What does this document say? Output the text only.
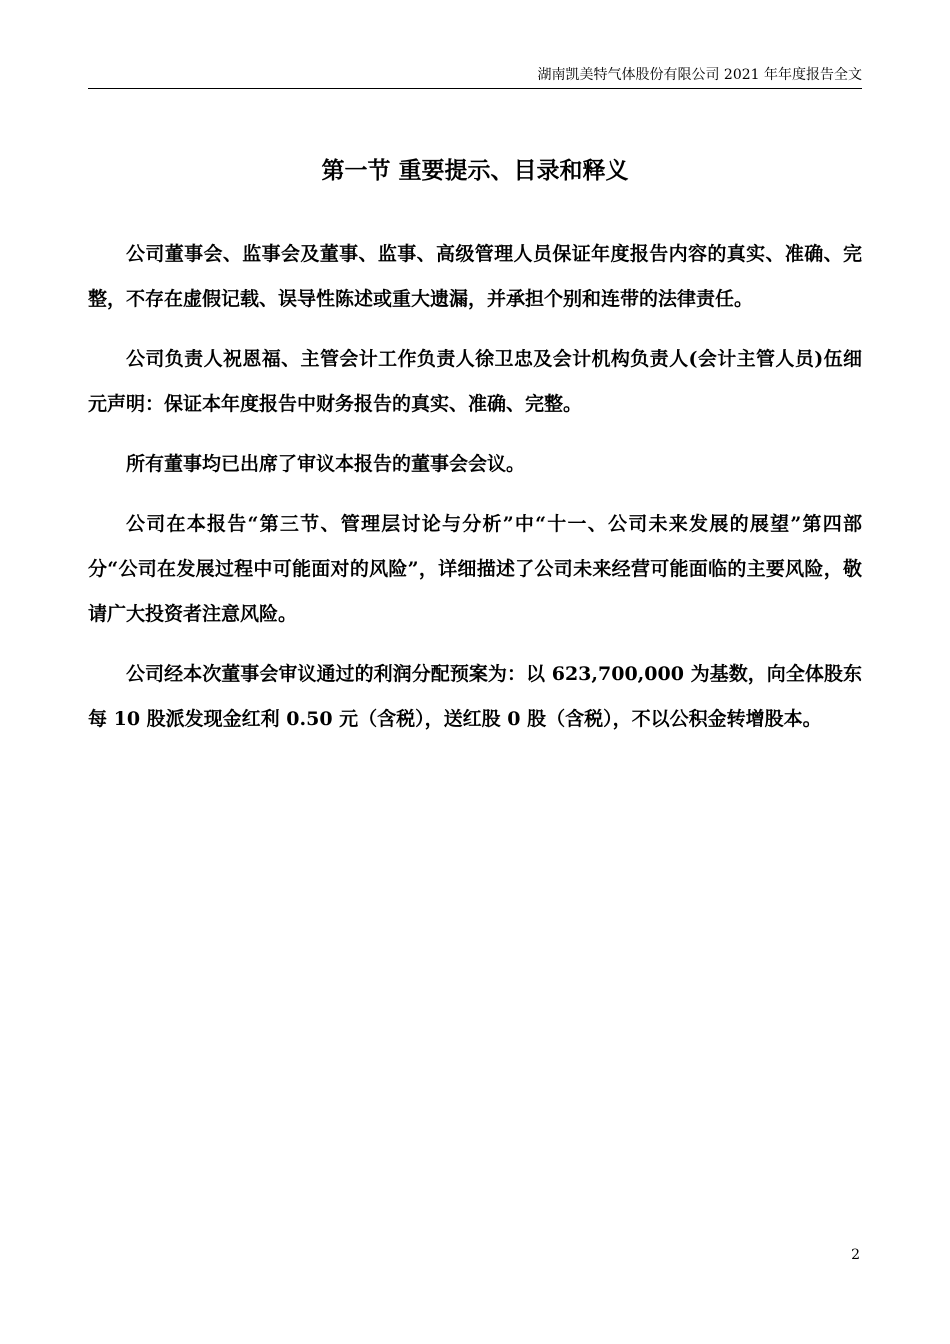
湖南凯美特气体股份有限公司 2021 年年度报告全文
第一节 重要提示、目录和释义

公司董事会、监事会及董事、监事、高级管理人员保证年度报告内容的真实、准确、完整，不存在虚假记载、误导性陈述或重大遗漏，并承担个别和连带的法律责任。

公司负责人祝恩福、主管会计工作负责人徐卫忠及会计机构负责人(会计主管人员)伍细元声明：保证本年度报告中财务报告的真实、准确、完整。

所有董事均已出席了审议本报告的董事会会议。

公司在本报告“第三节、管理层讨论与分析”中“十一、公司未来发展的展望”第四部分“公司在发展过程中可能面对的风险”，详细描述了公司未来经营可能面临的主要风险，敬请广大投资者注意风险。

公司经本次董事会审议通过的利润分配预案为：以 623,700,000 为基数，向全体股东每 10 股派发现金红利 0.50 元（含税），送红股 0 股（含税），不以公积金转增股本。

2
